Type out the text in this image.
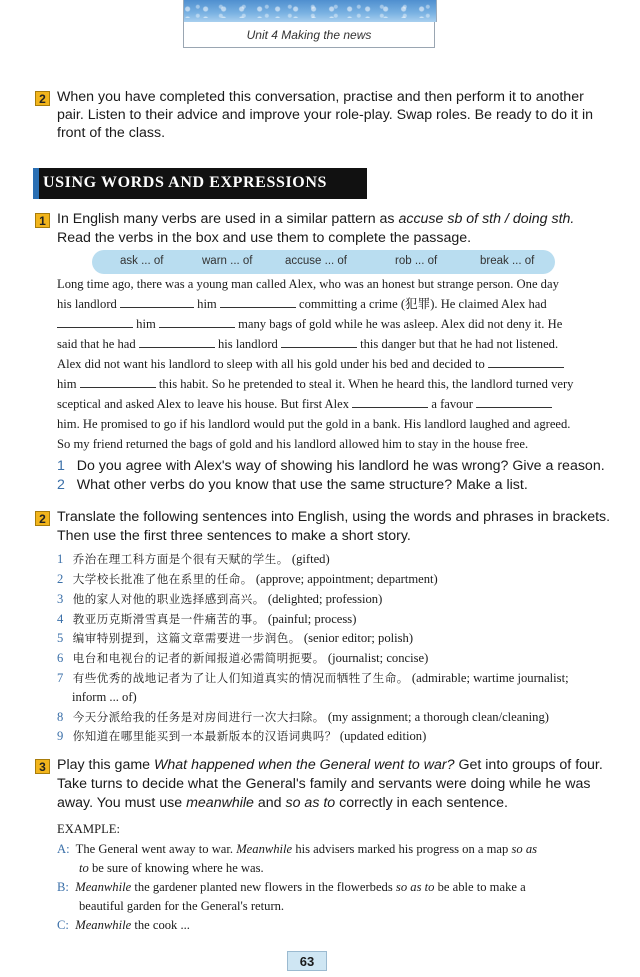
Unit 4 Making the news
2 When you have completed this conversation, practise and then perform it to another
pair. Listen to their advice and improve your role-play. Swap roles. Be ready to do it in
front of the class.
USING WORDS AND EXPRESSIONS
1 In English many verbs are used in a similar pattern as accuse sb of sth / doing sth.
Read the verbs in the box and use them to complete the passage.
ask ... of	warn ... of	accuse ... of	rob ... of	break ... of
Long time ago, there was a young man called Alex, who was an honest but strange person. One day
his landlord	him	committing a crime (犯罪). He claimed Alex had
him	many bags of gold while he was asleep. Alex did not deny it. He
said that he had	his landlord	this danger but that he had not listened.
Alex did not want his landlord to sleep with all his gold under his bed and decided to
him	this habit. So he pretended to steal it. When he heard this, the landlord turned very
sceptical and asked Alex to leave his house. But first Alex	a favour
him. He promised to go if his landlord would put the gold in a bank. His landlord laughed and agreed.
So my friend returned the bags of gold and his landlord allowed him to stay in the house free.
1 Do you agree with Alex's way of showing his landlord he was wrong? Give a reason.
2 What other verbs do you know that use the same structure? Make a list.
2 Translate the following sentences into English, using the words and phrases in brackets.
Then use the first three sentences to make a short story.
1 乔治在理工科方面是个很有天赋的学生。 (gifted)
2 大学校长批准了他在系里的任命。 (approve; appointment; department)
3 他的家人对他的职业选择感到高兴。 (delighted; profession)
4 教亚历克斯滑雪真是一件痛苦的事。 (painful; process)
5 编审特别提到，这篇文章需要进一步润色。 (senior editor; polish)
6 电台和电视台的记者的新闻报道必需简明扼要。 (journalist; concise)
7 有些优秀的战地记者为了让人们知道真实的情况而牺牲了生命。 (admirable; wartime journalist;
inform ... of)
8 今天分派给我的任务是对房间进行一次大扫除。 (my assignment; a thorough clean/cleaning)
9 你知道在哪里能买到一本最新版本的汉语词典吗？ (updated edition)
3 Play this game What happened when the General went to war? Get into groups of four.
Take turns to decide what the General's family and servants were doing while he was
away. You must use meanwhile and so as to correctly in each sentence.
EXAMPLE:
A: The General went away to war. Meanwhile his advisers marked his progress on a map so as
to be sure of knowing where he was.
B: Meanwhile the gardener planted new flowers in the flowerbeds so as to be able to make a
beautiful garden for the General's return.
C: Meanwhile the cook ...
63
